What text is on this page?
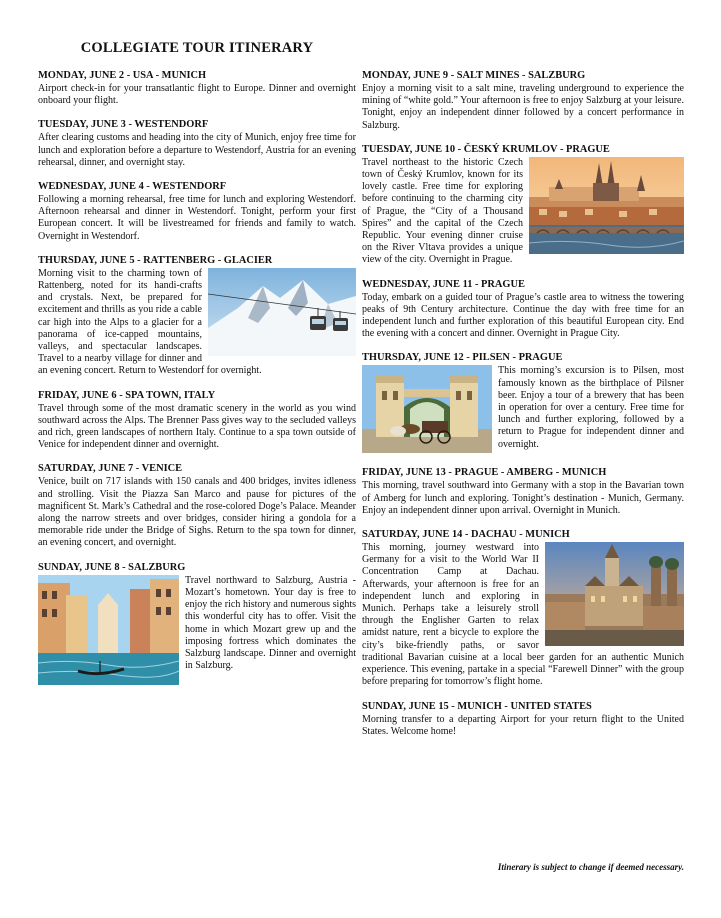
COLLEGIATE TOUR ITINERARY

MONDAY, JUNE 2 - USA - MUNICH

Airport check-in for your transatlantic flight to Europe. Dinner and overnight onboard your flight.

TUESDAY, JUNE 3 - WESTENDORF

After clearing customs and heading into the city of Munich, enjoy free time for lunch and exploration before a departure to Westendorf, Austria for an evening rehearsal, dinner, and overnight stay.

WEDNESDAY, JUNE 4 - WESTENDORF

Following a morning rehearsal, free time for lunch and exploring Westendorf. Afternoon rehearsal and dinner in Westendorf. Tonight, perform your first European concert. It will be livestreamed for friends and family to watch. Overnight in Westendorf.

THURSDAY, JUNE 5 - RATTENBERG - GLACIER

Morning visit to the charming town of Rattenberg, noted for its handi-crafts and crystals. Next, be prepared for excitement and thrills as you ride a cable car high into the Alps to a glacier for a panorama of ice-capped mountains, valleys, and spectacular landscapes. Travel to a nearby village for dinner and an evening concert. Return to Westendorf for overnight.

FRIDAY, JUNE 6 - SPA TOWN, ITALY

Travel through some of the most dramatic scenery in the world as you wind southward across the Alps. The Brenner Pass gives way to the secluded valleys and rich, green landscapes of northern Italy. Continue to a spa town outside of Venice for independent dinner and overnight.

SATURDAY, JUNE 7 - VENICE

Venice, built on 717 islands with 150 canals and 400 bridges, invites idleness and strolling. Visit the Piazza San Marco and pause for pictures of the magnificent St. Mark’s Cathedral and the rose-colored Doge’s Palace. Meander along the narrow streets and over bridges, consider hiring a gondola for a memorable ride under the Bridge of Sighs. Return to the spa town for dinner, an evening concert, and overnight.

SUNDAY, JUNE 8 - SALZBURG

Travel northward to Salzburg, Austria - Mozart’s hometown. Your day is free to enjoy the rich history and numerous sights this wonderful city has to offer. Visit the home in which Mozart grew up and the imposing fortress which dominates the Salzburg landscape. Dinner and overnight in Salzburg.

MONDAY, JUNE 9 - SALT MINES - SALZBURG

Enjoy a morning visit to a salt mine, traveling underground to experience the mining of “white gold.” Your afternoon is free to enjoy Salzburg at your leisure. Tonight, enjoy an independent dinner followed by a concert performance in Salzburg.

TUESDAY, JUNE 10 - ČESKÝ KRUMLOV - PRAGUE

Travel northeast to the historic Czech town of Český Krumlov, known for its lovely castle. Free time for exploring before continuing to the charming city of Prague, the “City of a Thousand Spires” and the capital of the Czech Republic. Your evening dinner cruise on the River Vltava provides a unique view of the city. Overnight in Prague.

WEDNESDAY, JUNE 11 - PRAGUE

Today, embark on a guided tour of Prague’s castle area to witness the towering peaks of 9th Century architecture. Continue the day with free time for an independent lunch and further exploration of this beautiful European city. End the evening with a concert and dinner. Overnight in Prague City.

THURSDAY, JUNE 12 - PILSEN - PRAGUE

This morning’s excursion is to Pilsen, most famously known as the birthplace of Pilsner beer. Enjoy a tour of a brewery that has been in operation for over a century. Free time for lunch and further exploring, followed by a return to Prague for independent dinner and overnight.

FRIDAY, JUNE 13 - PRAGUE - AMBERG - MUNICH

This morning, travel southward into Germany with a stop in the Bavarian town of Amberg for lunch and exploring. Tonight’s destination - Munich, Germany. Enjoy an independent dinner upon arrival. Overnight in Munich.

SATURDAY, JUNE 14 - DACHAU - MUNICH

This morning, journey westward into Germany for a visit to the World War II Concentration Camp at Dachau. Afterwards, your afternoon is free for an independent lunch and exploring in Munich. Perhaps take a leisurely stroll through the Englisher Garten to relax amidst nature, rent a bicycle to explore the city’s bike-friendly paths, or savor traditional Bavarian cuisine at a local beer garden for an authentic Munich experience. This evening, partake in a special “Farewell Dinner” with the group before preparing for tomorrow’s flight home.

SUNDAY, JUNE 15 - MUNICH - UNITED STATES

Morning transfer to a departing Airport for your return flight to the United States. Welcome home!

Itinerary is subject to change if deemed necessary.
